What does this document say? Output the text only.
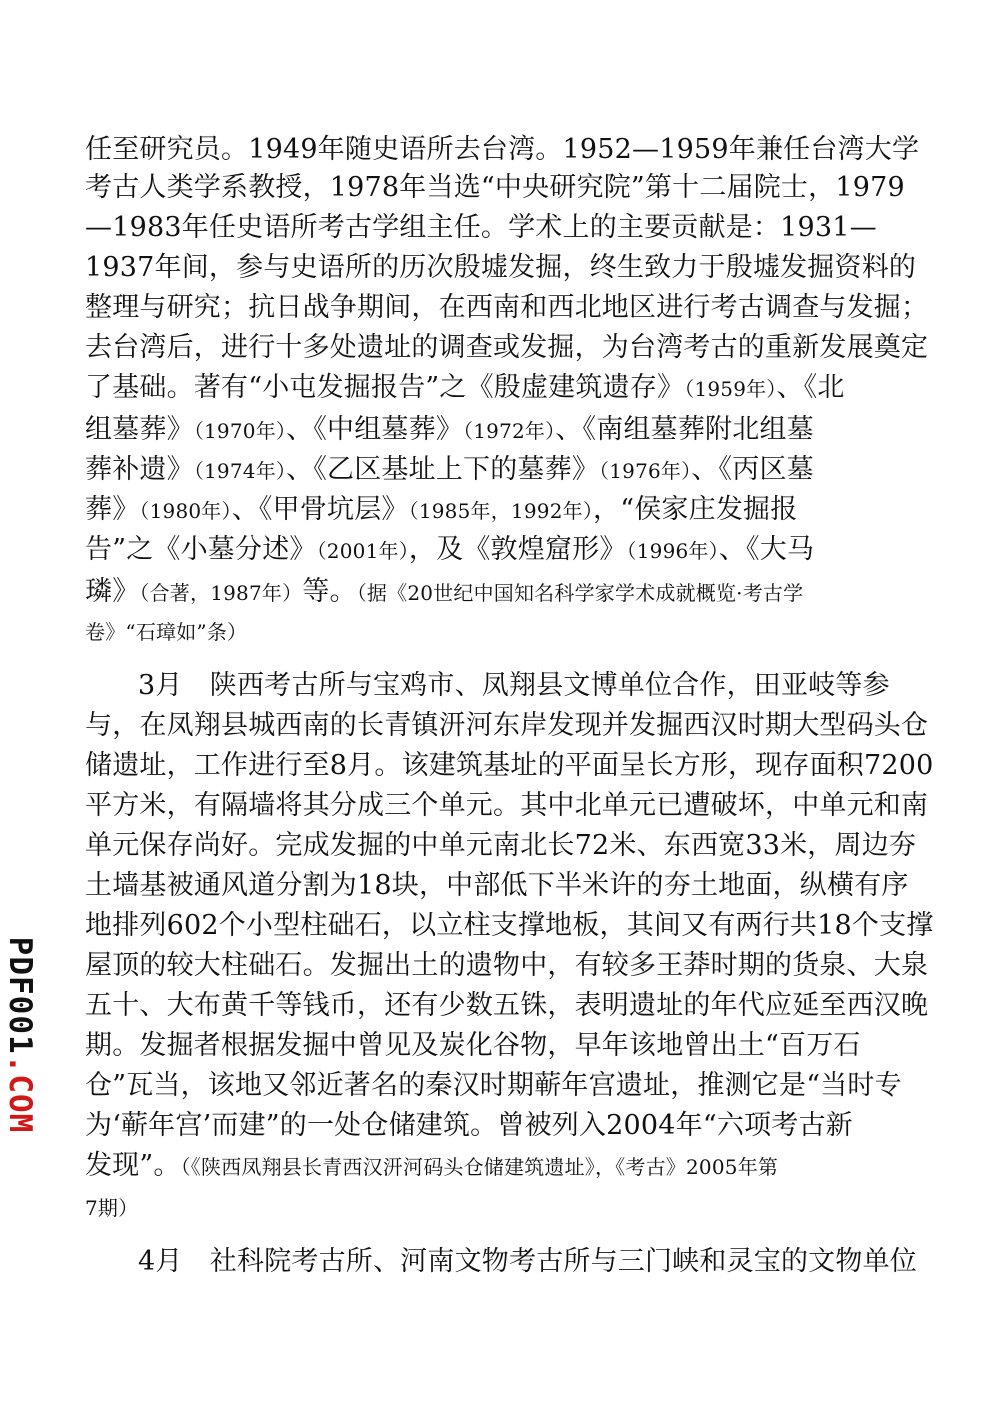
任至研究员。1949年随史语所去台湾。1952—1959年兼任台湾大学
考古人类学系教授，1978年当选“中央研究院”第十二届院士，1979
—1983年任史语所考古学组主任。学术上的主要贡献是：1931—
1937年间，参与史语所的历次殷墟发掘，终生致力于殷墟发掘资料的
整理与研究；抗日战争期间，在西南和西北地区进行考古调查与发掘；
去台湾后，进行十多处遗址的调查或发掘，为台湾考古的重新发展奠定
了基础。著有“小屯发掘报告”之《殷虚建筑遗存》（1959年）、《北
组墓葬》（1970年）、《中组墓葬》（1972年）、《南组墓葬附北组墓
葬补遗》（1974年）、《乙区基址上下的墓葬》（1976年）、《丙区墓
葬》（1980年）、《甲骨坑层》（1985年，1992年），“侯家庄发掘报
告”之《小墓分述》（2001年），及《敦煌窟形》（1996年）、《大马
璘》（合著，1987年）等。（据《20世纪中国知名科学家学术成就概览·考古学
卷》“石璋如”条）
3月　陕西考古所与宝鸡市、凤翔县文博单位合作，田亚岐等参
与，在凤翔县城西南的长青镇汧河东岸发现并发掘西汉时期大型码头仓
储遗址，工作进行至8月。该建筑基址的平面呈长方形，现存面积7200
平方米，有隔墙将其分成三个单元。其中北单元已遭破坏，中单元和南
单元保存尚好。完成发掘的中单元南北长72米、东西宽33米，周边夯
土墙基被通风道分割为18块，中部低下半米许的夯土地面，纵横有序
地排列602个小型柱础石，以立柱支撑地板，其间又有两行共18个支撑
屋顶的较大柱础石。发掘出土的遗物中，有较多王莽时期的货泉、大泉
五十、大布黄千等钱币，还有少数五铢，表明遗址的年代应延至西汉晚
期。发掘者根据发掘中曾见及炭化谷物，早年该地曾出土“百万石
仓”瓦当，该地又邻近著名的秦汉时期蕲年宫遗址，推测它是“当时专
为‘蕲年宫’而建”的一处仓储建筑。曾被列入2004年“六项考古新
发现”。（《陕西凤翔县长青西汉汧河码头仓储建筑遗址》，《考古》2005年第
7期）
4月　社科院考古所、河南文物考古所与三门峡和灵宝的文物单位
PDF001.COM
